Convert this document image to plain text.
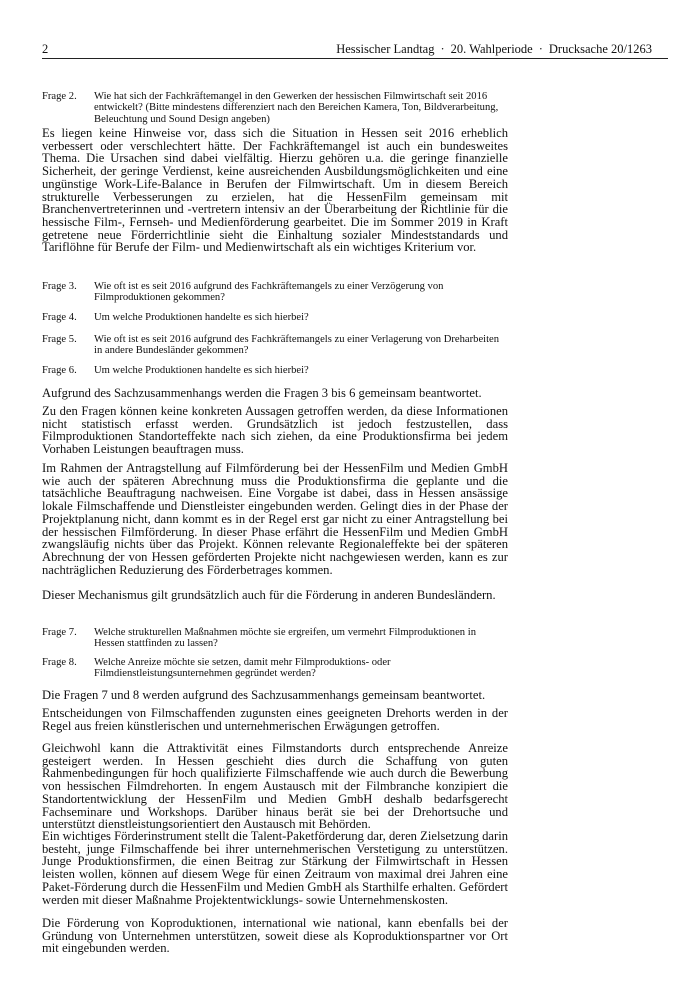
2	Hessischer Landtag · 20. Wahlperiode · Drucksache 20/1263
Frage 2. Wie hat sich der Fachkräftemangel in den Gewerken der hessischen Filmwirtschaft seit 2016 entwickelt? (Bitte mindestens differenziert nach den Bereichen Kamera, Ton, Bildverarbeitung, Beleuchtung und Sound Design angeben)
Es liegen keine Hinweise vor, dass sich die Situation in Hessen seit 2016 erheblich verbessert oder verschlechtert hätte. Der Fachkräftemangel ist auch ein bundesweites Thema. Die Ursachen sind dabei vielfältig. Hierzu gehören u.a. die geringe finanzielle Sicherheit, der geringe Verdienst, keine ausreichenden Ausbildungsmöglichkeiten und eine ungünstige Work-Life-Balance in Berufen der Filmwirtschaft. Um in diesem Bereich strukturelle Verbesserungen zu erzielen, hat die HessenFilm gemeinsam mit Branchenvertreterinnen und -vertretern intensiv an der Überarbeitung der Richtlinie für die hessische Film-, Fernseh- und Medienförderung gearbeitet. Die im Sommer 2019 in Kraft getretene neue Förderrichtlinie sieht die Einhaltung sozialer Mindeststandards und Tariflöhne für Berufe der Film- und Medienwirtschaft als ein wichtiges Kriterium vor.
Frage 3. Wie oft ist es seit 2016 aufgrund des Fachkräftemangels zu einer Verzögerung von Filmproduktionen gekommen?
Frage 4. Um welche Produktionen handelte es sich hierbei?
Frage 5. Wie oft ist es seit 2016 aufgrund des Fachkräftemangels zu einer Verlagerung von Dreharbeiten in andere Bundesländer gekommen?
Frage 6. Um welche Produktionen handelte es sich hierbei?
Aufgrund des Sachzusammenhangs werden die Fragen 3 bis 6 gemeinsam beantwortet.
Zu den Fragen können keine konkreten Aussagen getroffen werden, da diese Informationen nicht statistisch erfasst werden. Grundsätzlich ist jedoch festzustellen, dass Filmproduktionen Standorteffekte nach sich ziehen, da eine Produktionsfirma bei jedem Vorhaben Leistungen beauftragen muss.
Im Rahmen der Antragstellung auf Filmförderung bei der HessenFilm und Medien GmbH wie auch der späteren Abrechnung muss die Produktionsfirma die geplante und die tatsächliche Beauftragung nachweisen. Eine Vorgabe ist dabei, dass in Hessen ansässige lokale Filmschaffende und Dienstleister eingebunden werden. Gelingt dies in der Phase der Projektplanung nicht, dann kommt es in der Regel erst gar nicht zu einer Antragstellung bei der hessischen Filmförderung. In dieser Phase erfährt die HessenFilm und Medien GmbH zwangsläufig nichts über das Projekt. Können relevante Regionaleffekte bei der späteren Abrechnung der von Hessen geförderten Projekte nicht nachgewiesen werden, kann es zur nachträglichen Reduzierung des Förderbetrages kommen.
Dieser Mechanismus gilt grundsätzlich auch für die Förderung in anderen Bundesländern.
Frage 7. Welche strukturellen Maßnahmen möchte sie ergreifen, um vermehrt Filmproduktionen in Hessen stattfinden zu lassen?
Frage 8. Welche Anreize möchte sie setzen, damit mehr Filmproduktions- oder Filmdienstleistungsunternehmen gegründet werden?
Die Fragen 7 und 8 werden aufgrund des Sachzusammenhangs gemeinsam beantwortet.
Entscheidungen von Filmschaffenden zugunsten eines geeigneten Drehorts werden in der Regel aus freien künstlerischen und unternehmerischen Erwägungen getroffen.
Gleichwohl kann die Attraktivität eines Filmstandorts durch entsprechende Anreize gesteigert werden. In Hessen geschieht dies durch die Schaffung von guten Rahmenbedingungen für hoch qualifizierte Filmschaffende wie auch durch die Bewerbung von hessischen Filmdrehorten. In engem Austausch mit der Filmbranche konzipiert die Standortentwicklung der HessenFilm und Medien GmbH deshalb bedarfsgerecht Fachseminare und Workshops. Darüber hinaus berät sie bei der Drehortsuche und unterstützt dienstleistungsorientiert den Austausch mit Behörden.
Ein wichtiges Förderinstrument stellt die Talent-Paketförderung dar, deren Zielsetzung darin besteht, junge Filmschaffende bei ihrer unternehmerischen Verstetigung zu unterstützen. Junge Produktionsfirmen, die einen Beitrag zur Stärkung der Filmwirtschaft in Hessen leisten wollen, können auf diesem Wege für einen Zeitraum von maximal drei Jahren eine Paket-Förderung durch die HessenFilm und Medien GmbH als Starthilfe erhalten. Gefördert werden mit dieser Maßnahme Projektentwicklungs- sowie Unternehmenskosten.
Die Förderung von Koproduktionen, international wie national, kann ebenfalls bei der Gründung von Unternehmen unterstützen, soweit diese als Koproduktionspartner vor Ort mit eingebunden werden.
